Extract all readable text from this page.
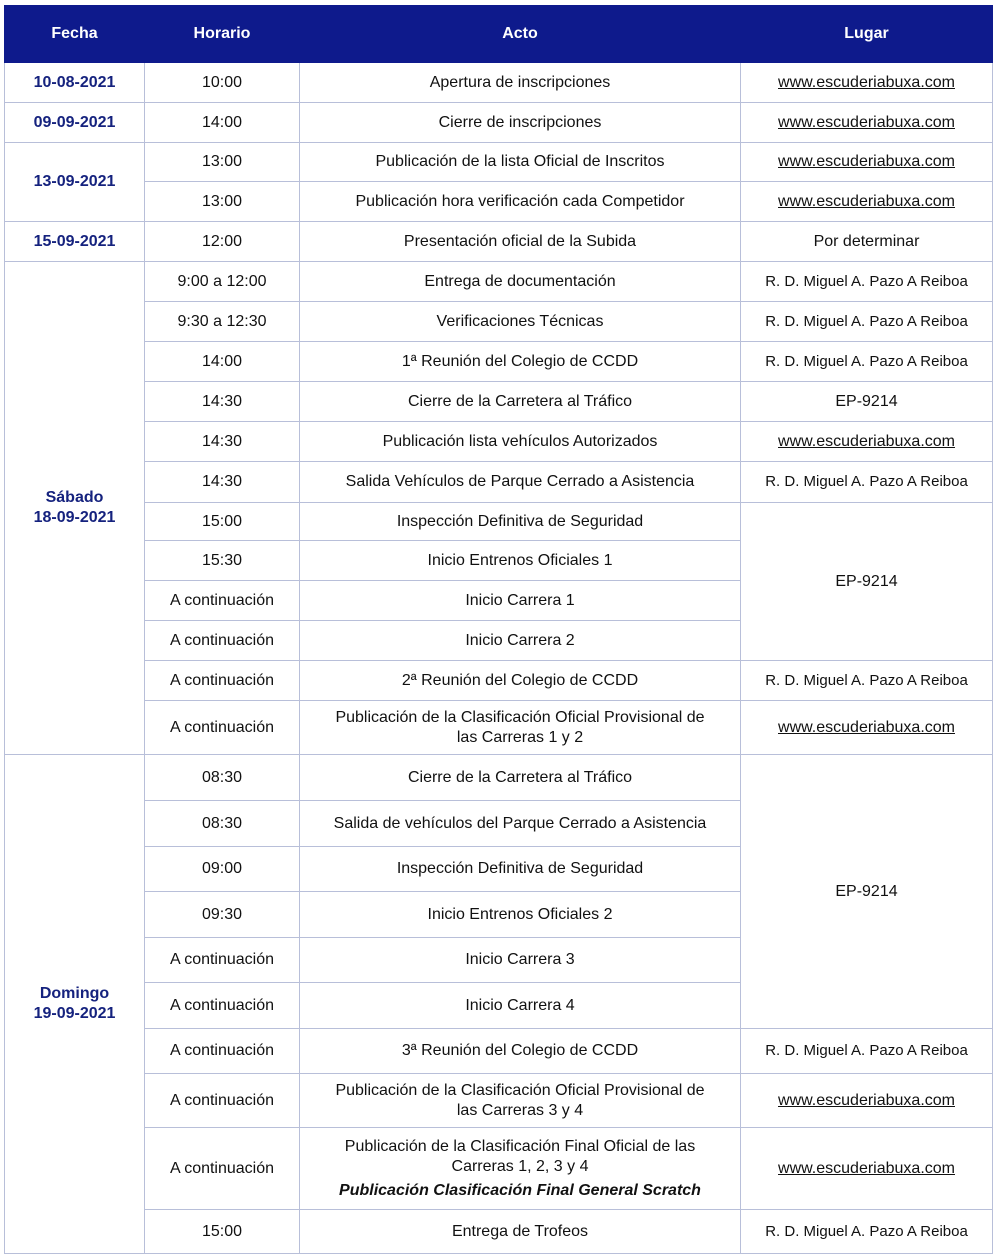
Fecha	Horario	Acto	Lugar
10-08-2021	10:00	Apertura de inscripciones	www.escuderiabuxa.com
09-09-2021	14:00	Cierre de inscripciones	www.escuderiabuxa.com
13-09-2021	13:00	Publicación de la lista Oficial de Inscritos	www.escuderiabuxa.com
	13:00	Publicación hora verificación cada Competidor	www.escuderiabuxa.com
15-09-2021	12:00	Presentación oficial de la Subida	Por determinar

Sábado
18-09-2021	9:00 a 12:00	Entrega de documentación	R. D. Miguel A. Pazo A Reiboa
	9:30 a 12:30	Verificaciones Técnicas	R. D. Miguel A. Pazo A Reiboa
	14:00	1ª Reunión del Colegio de CCDD	R. D. Miguel A. Pazo A Reiboa
	14:30	Cierre de la Carretera al Tráfico	EP-9214
	14:30	Publicación lista vehículos Autorizados	www.escuderiabuxa.com
	14:30	Salida Vehículos de Parque Cerrado a Asistencia	R. D. Miguel A. Pazo A Reiboa
	15:00	Inspección Definitiva de Seguridad	EP-9214
	15:30	Inicio Entrenos Oficiales 1	
	A continuación	Inicio Carrera 1	
	A continuación	Inicio Carrera 2	
	A continuación	2ª Reunión del Colegio de CCDD	R. D. Miguel A. Pazo A Reiboa
	A continuación	Publicación de la Clasificación Oficial Provisional de
las Carreras 1 y 2	www.escuderiabuxa.com

Domingo
19-09-2021	08:30	Cierre de la Carretera al Tráfico	EP-9214
	08:30	Salida de vehículos del Parque Cerrado a Asistencia	
	09:00	Inspección Definitiva de Seguridad	
	09:30	Inicio Entrenos Oficiales 2	
	A continuación	Inicio Carrera 3	
	A continuación	Inicio Carrera 4	
	A continuación	3ª Reunión del Colegio de CCDD	R. D. Miguel A. Pazo A Reiboa
	A continuación	Publicación de la Clasificación Oficial Provisional de
las Carreras 3 y 4	www.escuderiabuxa.com
	A continuación	Publicación de la Clasificación Final Oficial de las
Carreras 1, 2, 3 y 4
Publicación Clasificación Final General Scratch	www.escuderiabuxa.com
	15:00	Entrega de Trofeos	R. D. Miguel A. Pazo A Reiboa
